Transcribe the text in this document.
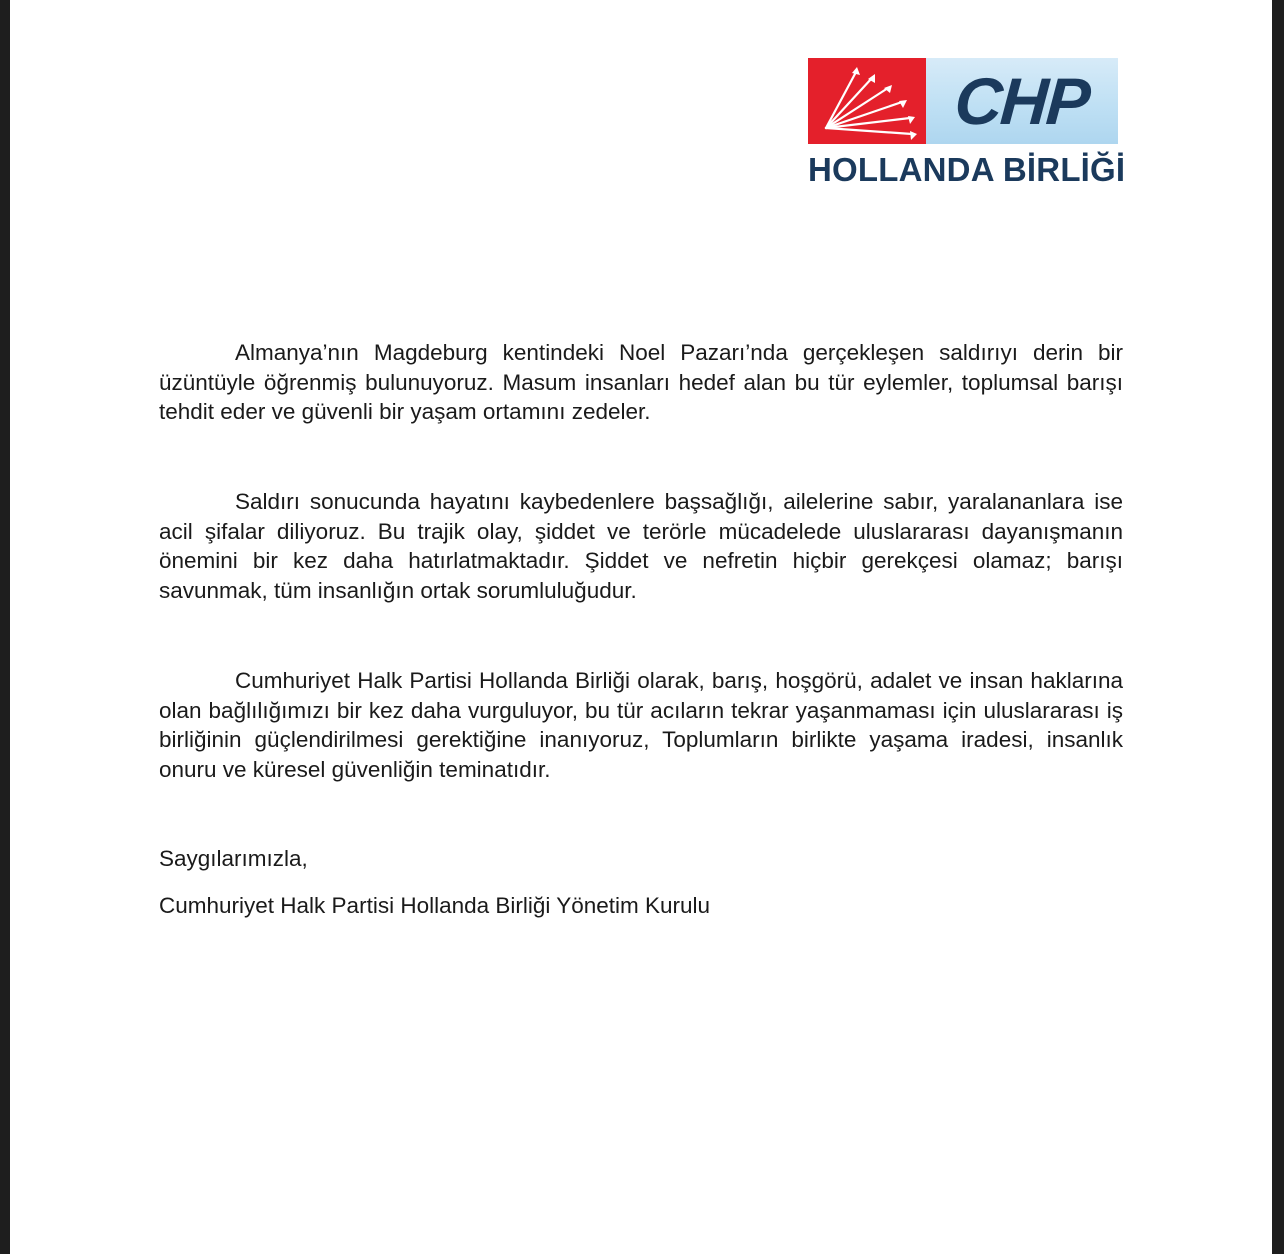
CHP
HOLLANDA BİRLİĞİ

Almanya’nın Magdeburg kentindeki Noel Pazarı’nda gerçekleşen saldırıyı derin bir üzüntüyle öğrenmiş bulunuyoruz. Masum insanları hedef alan bu tür eylemler, toplumsal barışı tehdit eder ve güvenli bir yaşam ortamını zedeler.

Saldırı sonucunda hayatını kaybedenlere başsağlığı, ailelerine sabır, yaralananlara ise acil şifalar diliyoruz. Bu trajik olay, şiddet ve terörle mücadelede uluslararası dayanışmanın önemini bir kez daha hatırlatmaktadır. Şiddet ve nefretin hiçbir gerekçesi olamaz; barışı savunmak, tüm insanlığın ortak sorumluluğudur.

Cumhuriyet Halk Partisi Hollanda Birliği olarak, barış, hoşgörü, adalet ve insan haklarına olan bağlılığımızı bir kez daha vurguluyor, bu tür acıların tekrar yaşanmaması için uluslararası iş birliğinin güçlendirilmesi gerektiğine inanıyoruz, Toplumların birlikte yaşama iradesi, insanlık onuru ve küresel güvenliğin teminatıdır.

Saygılarımızla,

Cumhuriyet Halk Partisi Hollanda Birliği Yönetim Kurulu
